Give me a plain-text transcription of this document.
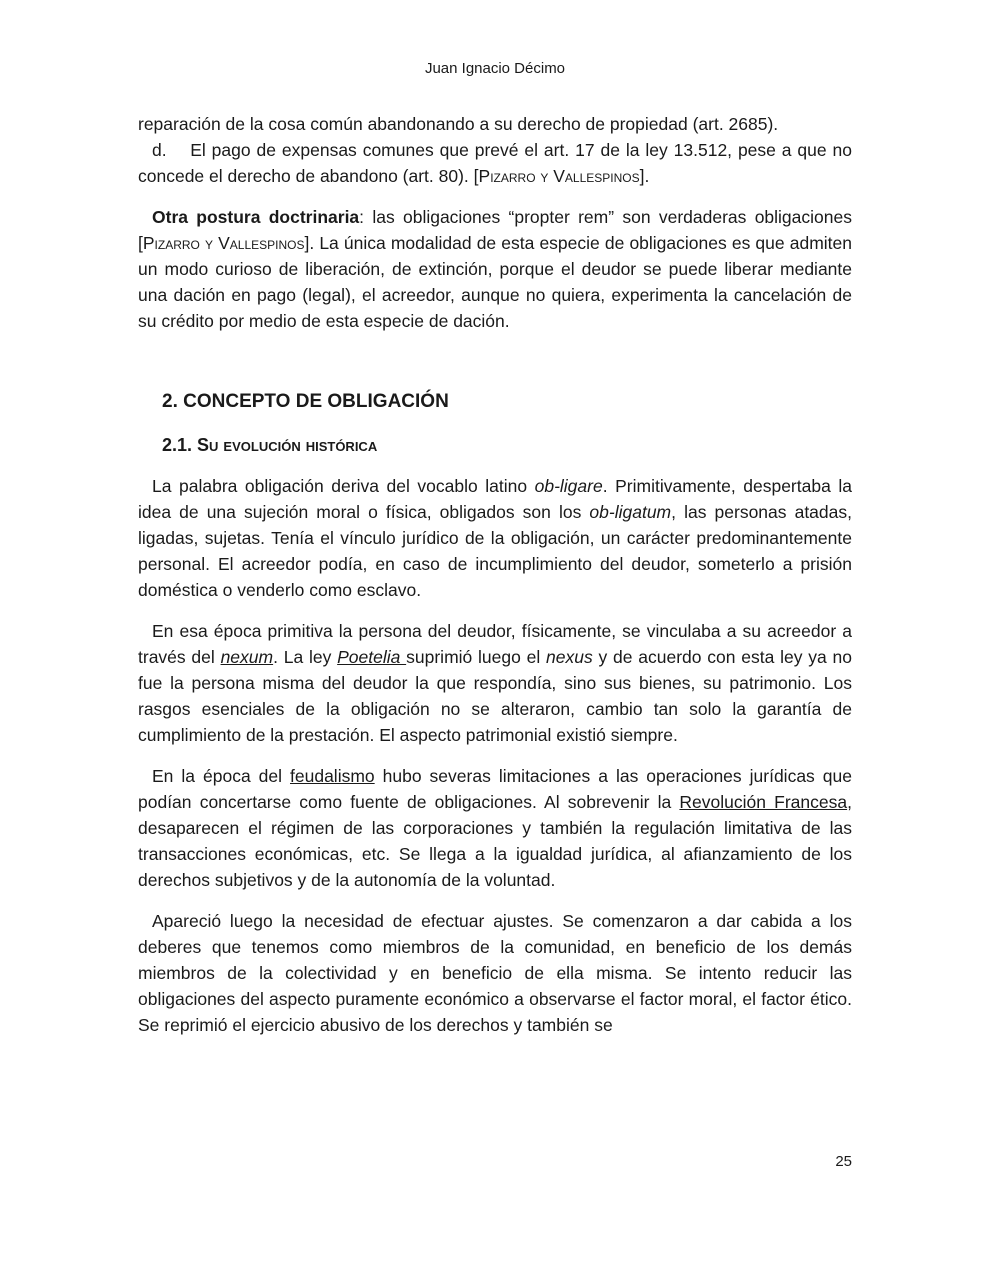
Juan Ignacio Décimo

reparación de la cosa común abandonando a su derecho de propiedad (art. 2685).

d.    El pago de expensas comunes que prevé el art. 17 de la ley 13.512, pese a que no concede el derecho de abandono (art. 80). [Pizarro y Vallespinos].

Otra postura doctrinaria: las obligaciones “propter rem” son verdaderas obligaciones [Pizarro y Vallespinos]. La única modalidad de esta especie de obligaciones es que admiten un modo curioso de liberación, de extinción, porque el deudor se puede liberar mediante una dación en pago (legal), el acreedor, aunque no quiera, experimenta la cancelación de su crédito por medio de esta especie de dación.

2. CONCEPTO DE OBLIGACIÓN
2.1. Su evolución histórica

La palabra obligación deriva del vocablo latino ob-ligare. Primitivamente, despertaba la idea de una sujeción moral o física, obligados son los ob-ligatum, las personas atadas, ligadas, sujetas. Tenía el vínculo jurídico de la obligación, un carácter predominantemente personal. El acreedor podía, en caso de incumplimiento del deudor, someterlo a prisión doméstica o venderlo como esclavo.

En esa época primitiva la persona del deudor, físicamente, se vinculaba a su acreedor a través del nexum. La ley Poetelia suprimió luego el nexus y de acuerdo con esta ley ya no fue la persona misma del deudor la que respondía, sino sus bienes, su patrimonio. Los rasgos esenciales de la obligación no se alteraron, cambio tan solo la garantía de cumplimiento de la prestación. El aspecto patrimonial existió siempre.

En la época del feudalismo hubo severas limitaciones a las operaciones jurídicas que podían concertarse como fuente de obligaciones. Al sobrevenir la Revolución Francesa, desaparecen el régimen de las corporaciones y también la regulación limitativa de las transacciones económicas, etc. Se llega a la igualdad jurídica, al afianzamiento de los derechos subjetivos y de la autonomía de la voluntad.

Apareció luego la necesidad de efectuar ajustes. Se comenzaron a dar cabida a los deberes que tenemos como miembros de la comunidad, en beneficio de los demás miembros de la colectividad y en beneficio de ella misma. Se intento reducir las obligaciones del aspecto puramente económico a observarse el factor moral, el factor ético. Se reprimió el ejercicio abusivo de los derechos y también se

25
